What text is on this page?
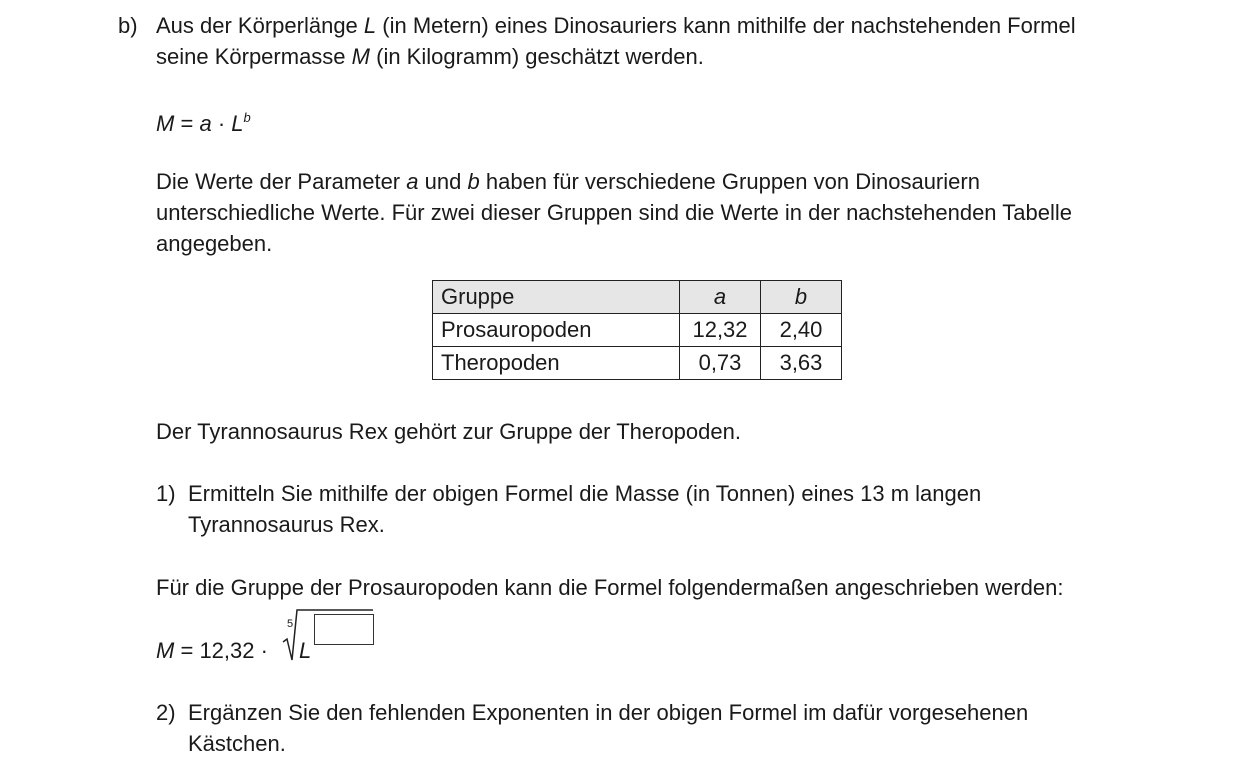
b) Aus der Körperlänge L (in Metern) eines Dinosauriers kann mithilfe der nachstehenden Formel
seine Körpermasse M (in Kilogramm) geschätzt werden.
$M = a \cdot L^b$
Die Werte der Parameter a und b haben für verschiedene Gruppen von Dinosauriern
unterschiedliche Werte. Für zwei dieser Gruppen sind die Werte in der nachstehenden Tabelle
angegeben.
Gruppe	a	b
Prosauropoden	12,32	2,40
Theropoden	0,73	3,63
Der Tyrannosaurus Rex gehört zur Gruppe der Theropoden.
1) Ermitteln Sie mithilfe der obigen Formel die Masse (in Tonnen) eines 13 m langen
Tyrannosaurus Rex.
Für die Gruppe der Prosauropoden kann die Formel folgendermaßen angeschrieben werden:
M = 12,32 ·
5
L
2) Ergänzen Sie den fehlenden Exponenten in der obigen Formel im dafür vorgesehenen
Kästchen.
